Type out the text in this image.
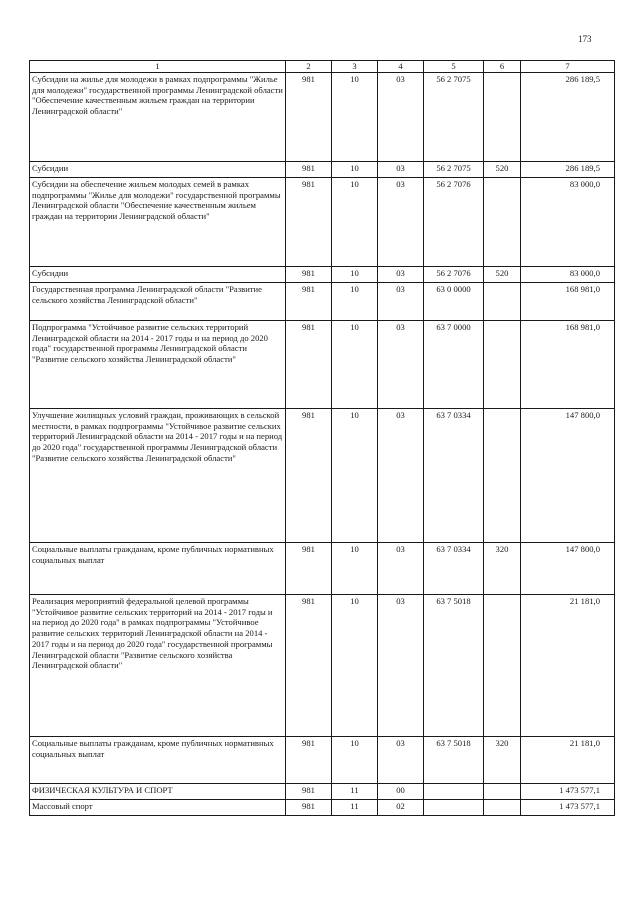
173
1	2	3	4	5	6	7
Субсидии на жилье для молодежи в рамках подпрограммы "Жилье для молодежи" государственной программы Ленинградской области "Обеспечение качественным жильем граждан на территории Ленинградской области"	981	10	03	56 2 7075		286 189,5
Субсидии	981	10	03	56 2 7075	520	286 189,5
Субсидии на обеспечение жильем молодых семей в рамках подпрограммы "Жилье для молодежи" государственной программы Ленинградской области "Обеспечение качественным жильем граждан на территории Ленинградской области"	981	10	03	56 2 7076		83 000,0
Субсидии	981	10	03	56 2 7076	520	83 000,0
Государственная программа Ленинградской области "Развитие сельского хозяйства Ленинградской области"	981	10	03	63 0 0000		168 981,0
Подпрограмма "Устойчивое развитие сельских территорий Ленинградской области на 2014 - 2017 годы и на период до 2020 года" государственной программы Ленинградской области "Развитие сельского хозяйства Ленинградской области"	981	10	03	63 7 0000		168 981,0
Улучшение жилищных условий граждан, проживающих в сельской местности, в рамках подпрограммы "Устойчивое развитие сельских территорий Ленинградской области на 2014 - 2017 годы и на период до 2020 года" государственной программы Ленинградской области "Развитие сельского хозяйства Ленинградской области"	981	10	03	63 7 0334		147 800,0
Социальные выплаты гражданам, кроме публичных нормативных социальных выплат	981	10	03	63 7 0334	320	147 800,0
Реализация мероприятий федеральной целевой программы "Устойчивое развитие сельских территорий на 2014 - 2017 годы и на период до 2020 года" в рамках подпрограммы "Устойчивое развитие сельских территорий Ленинградской области на 2014 - 2017 годы и на период до 2020 года" государственной программы Ленинградской области "Развитие сельского хозяйства Ленинградской области"	981	10	03	63 7 5018		21 181,0
Социальные выплаты гражданам, кроме публичных нормативных социальных выплат	981	10	03	63 7 5018	320	21 181,0
ФИЗИЧЕСКАЯ КУЛЬТУРА И СПОРТ	981	11	00			1 473 577,1
Массовый спорт	981	11	02			1 473 577,1
